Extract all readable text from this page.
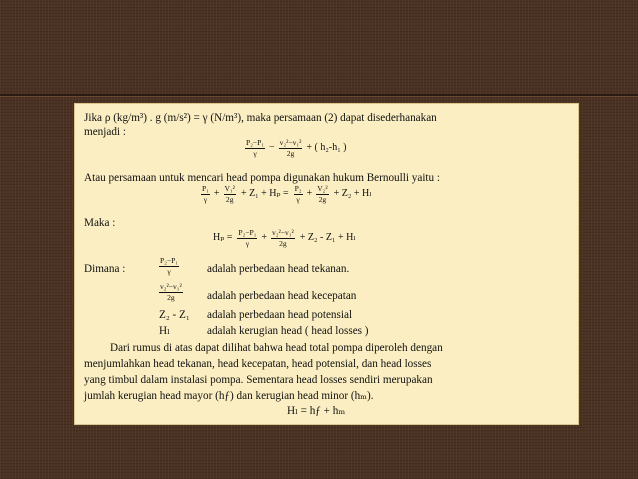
Jika ρ (kg/m³) . g (m/s²) = γ (N/m³), maka persamaan (2) dapat disederhanakan
menjadi :
$\frac{\text{P₂−P₁}}{\gamma} - \frac{\text{v₂²−v₁²}}{2g}$ + ( h₂-h₁ )
Atau persamaan untuk mencari head pompa digunakan hukum Bernoulli yaitu :
$\frac{\text{P₁}}{\gamma} + \frac{\text{V₁²}}{2g} + Z_1 + H_p = \frac{\text{P₂}}{\gamma} + \frac{\text{V₂²}}{2g} + Z_2 + H_l$
Maka :
$H_p = \frac{\text{P₂−P₁}}{\gamma} + \frac{\text{v₂²−v₁²}}{2g} + Z_2 - Z_1 + H_l$
Dimana :	$\frac{\text{P₂−P₁}}{\gamma}$ adalah perbedaan head tekanan.
$\frac{\text{v₂²−v₁²}}{2g}$ adalah perbedaan head kecepatan
Z₂ - Z₁ adalah perbedaan head potensial
Hₗ	adalah kerugian head ( head losses )
Dari rumus di atas dapat dilihat bahwa head total pompa diperoleh dengan
menjumlahkan head tekanan, head kecepatan, head potensial, dan head losses
yang timbul dalam instalasi pompa. Sementara head losses sendiri merupakan
jumlah kerugian head mayor (hƒ) dan kerugian head minor (hₘ).
Hₗ = hƒ + hₘ
